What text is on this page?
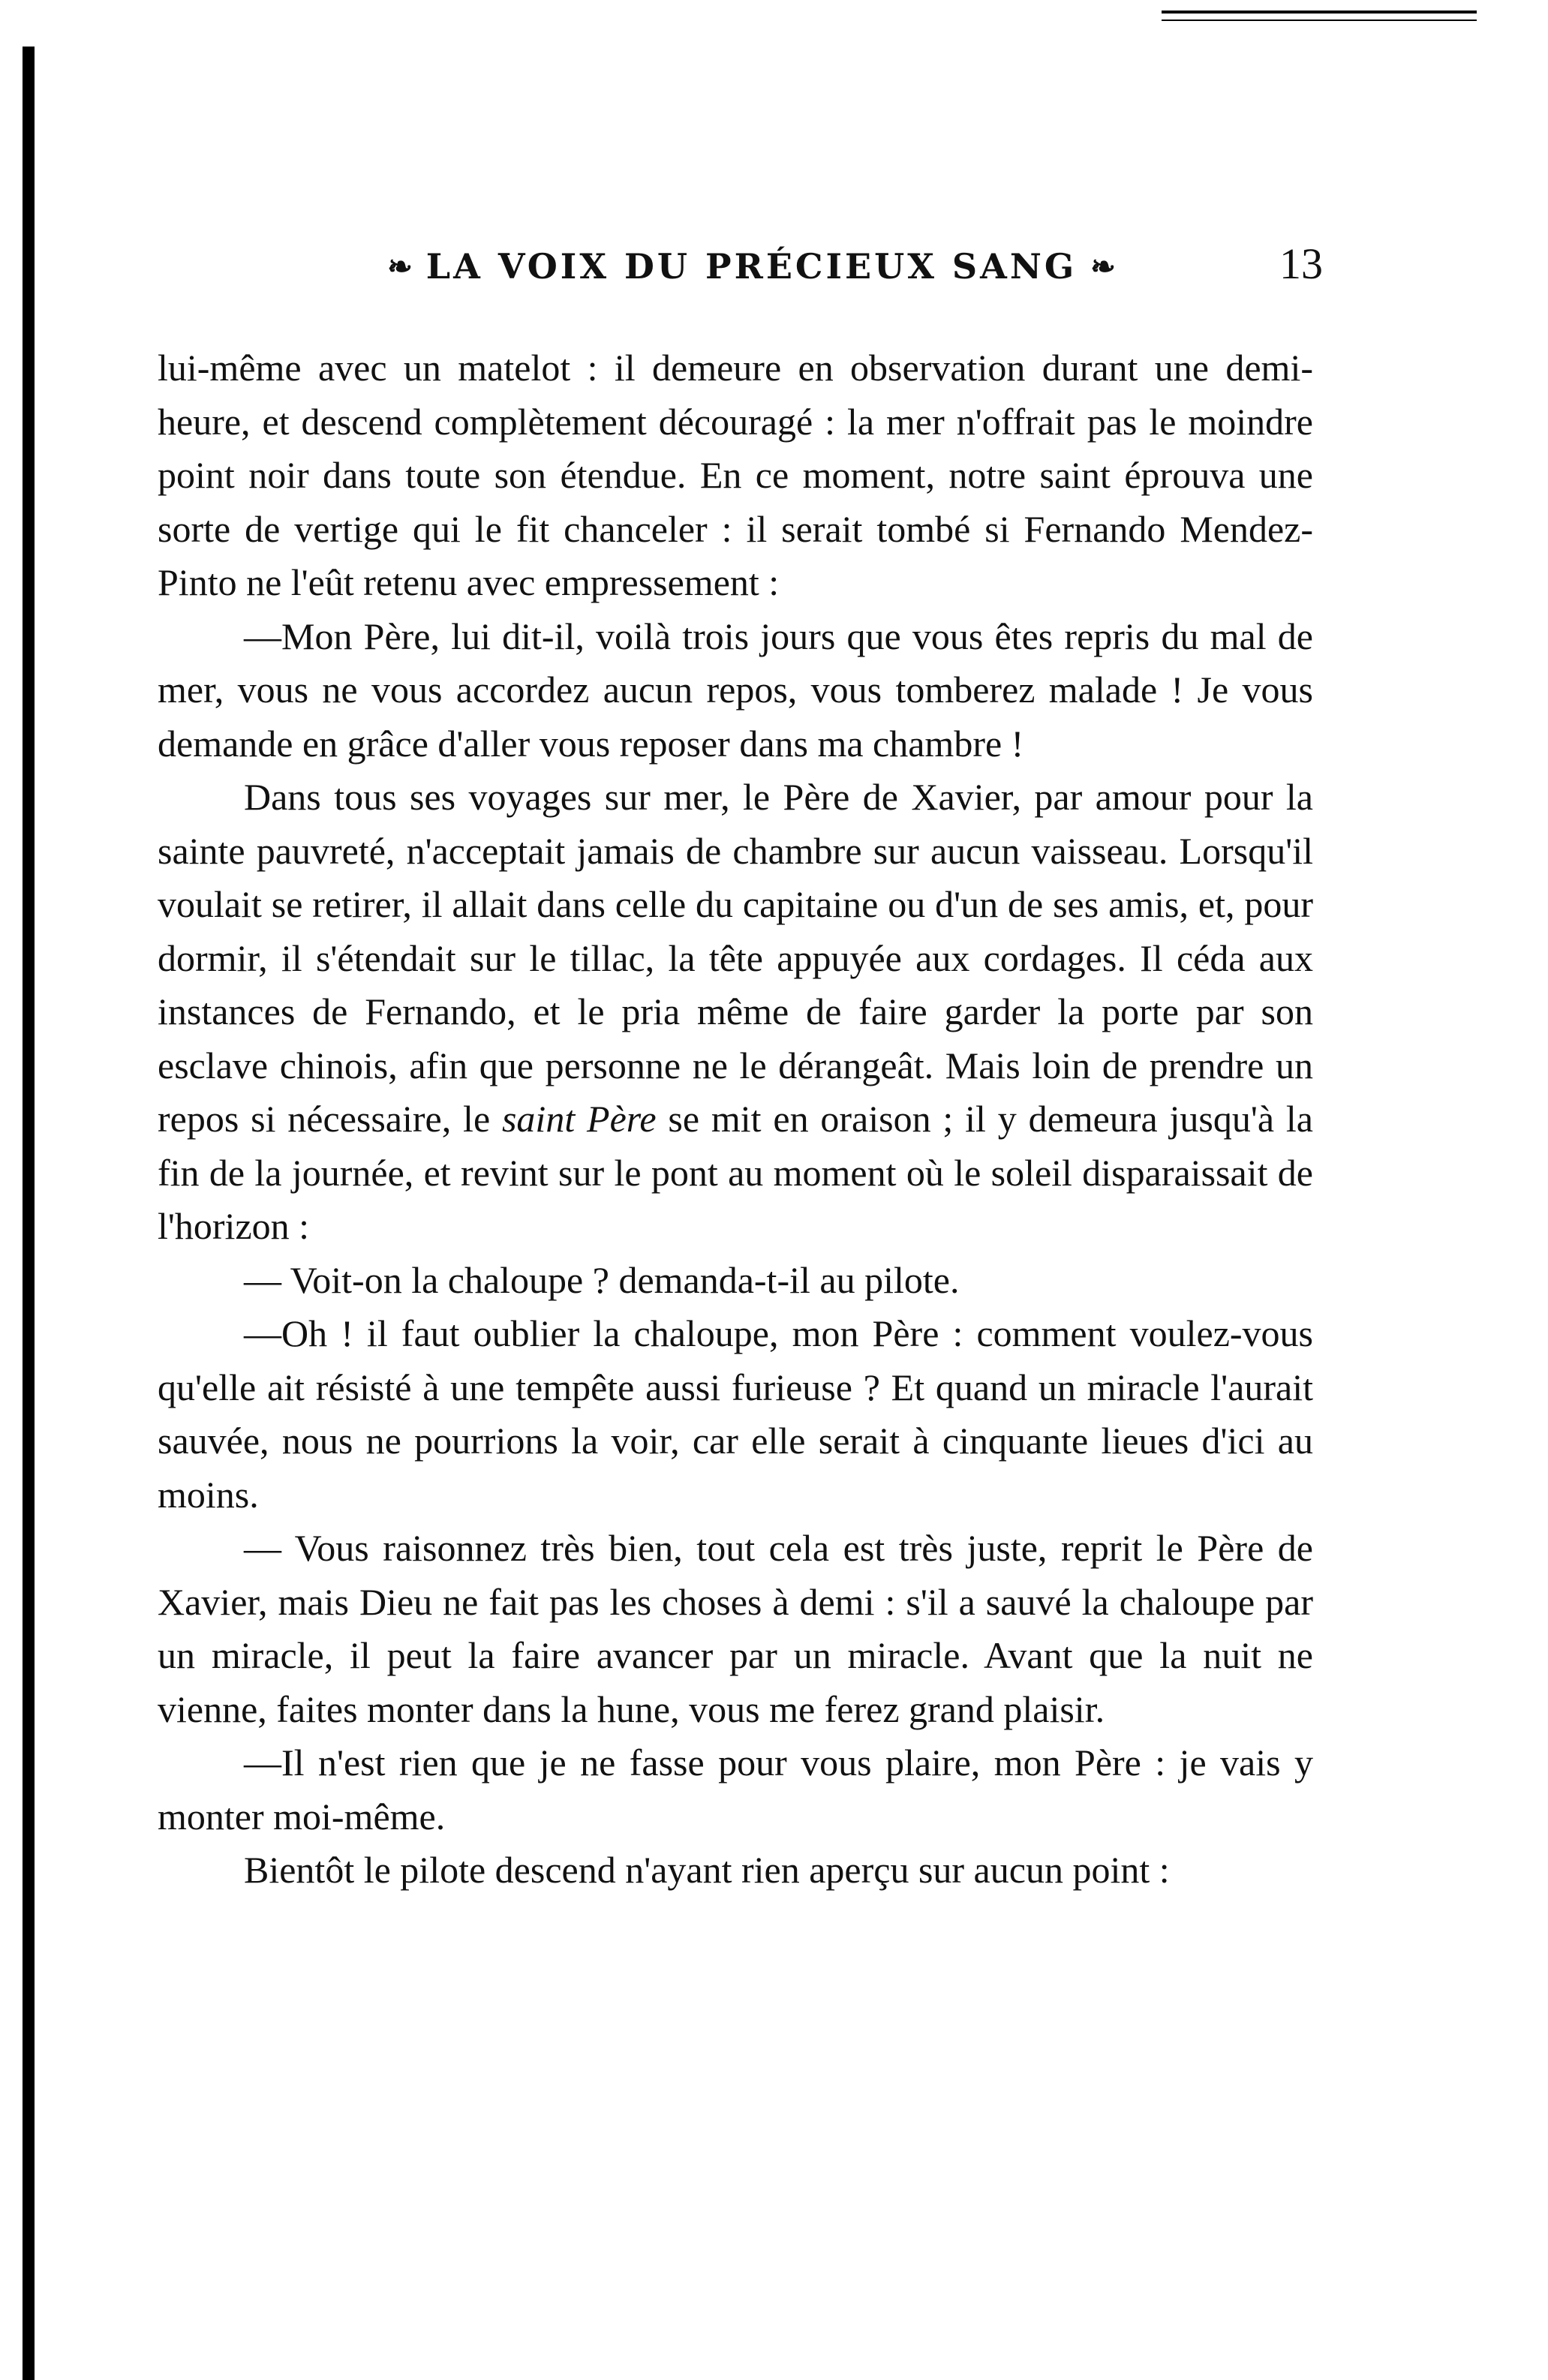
❧ LA VOIX DU PRÉCIEUX SANG ❧	13

lui-même avec un matelot : il demeure en observation durant une demi-heure, et descend complètement découragé : la mer n'offrait pas le moindre point noir dans toute son étendue. En ce moment, notre saint éprouva une sorte de vertige qui le fit chanceler : il serait tombé si Fernando Mendez-Pinto ne l'eût retenu avec empressement :

—Mon Père, lui dit-il, voilà trois jours que vous êtes repris du mal de mer, vous ne vous accordez aucun repos, vous tomberez malade ! Je vous demande en grâce d'aller vous reposer dans ma chambre !

Dans tous ses voyages sur mer, le Père de Xavier, par amour pour la sainte pauvreté, n'acceptait jamais de chambre sur aucun vaisseau. Lorsqu'il voulait se retirer, il allait dans celle du capitaine ou d'un de ses amis, et, pour dormir, il s'étendait sur le tillac, la tête appuyée aux cordages. Il céda aux instances de Fernando, et le pria même de faire garder la porte par son esclave chinois, afin que personne ne le dérangeât. Mais loin de prendre un repos si nécessaire, le saint Père se mit en oraison ; il y demeura jusqu'à la fin de la journée, et revint sur le pont au moment où le soleil disparaissait de l'horizon :

— Voit-on la chaloupe ? demanda-t-il au pilote.

—Oh ! il faut oublier la chaloupe, mon Père : comment voulez-vous qu'elle ait résisté à une tempête aussi furieuse ? Et quand un miracle l'aurait sauvée, nous ne pourrions la voir, car elle serait à cinquante lieues d'ici au moins.

— Vous raisonnez très bien, tout cela est très juste, reprit le Père de Xavier, mais Dieu ne fait pas les choses à demi : s'il a sauvé la chaloupe par un miracle, il peut la faire avancer par un miracle. Avant que la nuit ne vienne, faites monter dans la hune, vous me ferez grand plaisir.

—Il n'est rien que je ne fasse pour vous plaire, mon Père : je vais y monter moi-même.

Bientôt le pilote descend n'ayant rien aperçu sur aucun point :
